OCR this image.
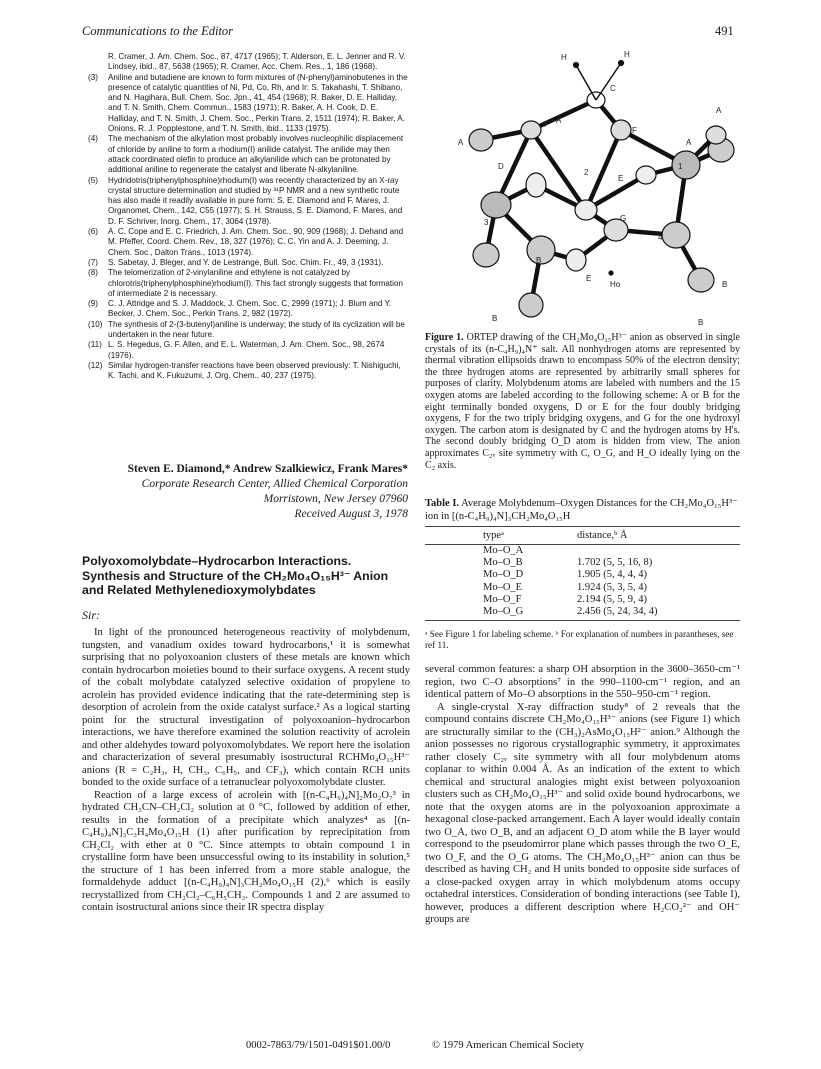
Communications to the Editor	491

R. Cramer, J. Am. Chem. Soc., 87, 4717 (1965); T. Alderson, E. L. Jenner and R. V. Lindsey, ibid., 87, 5638 (1965); R. Cramer, Acc. Chem. Res., 1, 186 (1968).

(3) Aniline and butadiene are known to form mixtures of (N-phenyl)aminobutenes in the presence of catalytic quantities of Ni, Pd, Co, Rh, and Ir: S. Takahashi, T. Shibano, and N. Hagihara, Bull. Chem. Soc. Jpn., 41, 454 (1968); R. Baker, D. E. Halliday, and T. N. Smith, Chem. Commun., 1583 (1971); R. Baker, A. H. Cook, D. E. Halliday, and T. N. Smith, J. Chem. Soc., Perkin Trans. 2, 1511 (1974); R. Baker, A. Onions, R. J. Popplestone, and T. N. Smith, ibid., 1133 (1975).

(4) The mechanism of the alkylation most probably involves nucleophilic displacement of chloride by aniline to form a rhodium(I) anilide catalyst. The anilide may then attack coordinated olefin to produce an alkylanilide which can be protonated by additional aniline to regenerate the catalyst and liberate N-alkylaniline.

(5) Hydridotris(triphenylphosphine)rhodium(I) was recently characterized by an X-ray crystal structure determination and studied by ³¹P NMR and a new synthetic route has also made it readily available in pure form: S. E. Diamond and F. Mares, J. Organomet. Chem., 142, C55 (1977); S. H. Strauss, S. E. Diamond, F. Mares, and D. F. Schriver, Inorg. Chem., 17, 3064 (1978).

(6) A. C. Cope and E. C. Friedrich, J. Am. Chem. Soc., 90, 909 (1968); J. Dehand and M. Pfeffer, Coord. Chem. Rev., 18, 327 (1976); C. C. Yin and A. J. Deeming, J. Chem. Soc., Dalton Trans., 1013 (1974).

(7) S. Sabetay, J. Bleger, and Y. de Lestrange, Bull. Soc. Chim. Fr., 49, 3 (1931).

(8) The telomerization of 2-vinylaniline and ethylene is not catalyzed by chlorotris(triphenylphosphine)rhodium(I). This fact strongly suggests that formation of intermediate 2 is necessary.

(9) C. J. Attridge and S. J. Maddock, J. Chem. Soc. C, 2999 (1971); J. Blum and Y. Becker, J. Chem. Soc., Perkin Trans. 2, 982 (1972).

(10) The synthesis of 2-(3-butenyl)aniline is underway; the study of its cyclization will be undertaken in the near future.

(11) L. S. Hegedus, G. F. Allen, and E. L. Waterman, J. Am. Chem. Soc., 98, 2674 (1976).

(12) Similar hydrogen-transfer reactions have been observed previously: T. Nishiguchi, K. Tachi, and K. Fukuzumi, J. Org. Chem., 40, 237 (1975).

Steven E. Diamond,* Andrew Szalkiewicz, Frank Mares*
Corporate Research Center, Allied Chemical Corporation
Morristown, New Jersey 07960
Received August 3, 1978
Polyoxomolybdate–Hydrocarbon Interactions. Synthesis and Structure of the CH₂Mo₄O₁₅H³⁻ Anion and Related Methylenedioxymolybdates
Sir:

In light of the pronounced heterogeneous reactivity of molybdenum, tungsten, and vanadium oxides toward hydrocarbons,¹ it is somewhat surprising that no polyoxoanion clusters of these metals are known which contain hydrocarbon moieties bound to their surface oxygens. A recent study of the cobalt molybdate catalyzed selective oxidation of propylene to acrolein has provided evidence indicating that the rate-determining step is desorption of acrolein from the oxide catalyst surface.² As a logical starting point for the structural investigation of polyoxoanion–hydrocarbon interactions, we have therefore examined the solution reactivity of acrolein and other aldehydes toward polyoxomolybdates. We report here the isolation and characterization of several presumably isostructural RCHMo₄O₁₅H³⁻ anions (R = C₂H₃, H, CH₃, C₆H₅, and CF₃), which contain RCH units bonded to the oxide surface of a tetranuclear polyoxomolybdate cluster.

Reaction of a large excess of acrolein with [(n-C₄H₉)₄N]₂Mo₂O₇³ in hydrated CH₃CN–CH₂Cl₂ solution at 0 °C, followed by addition of ether, results in the formation of a precipitate which analyzes⁴ as [(n-C₄H₉)₄N]₃C₃H₄Mo₄O₁₅H (1) after purification by reprecipitation from CH₂Cl₂ with ether at 0 °C. Since attempts to obtain compound 1 in crystalline form have been unsuccessful owing to its instability in solution,⁵ the structure of 1 has been inferred from a more stable analogue, the formaldehyde adduct [(n-C₄H₉)₄N]₃CH₂Mo₄O₁₅H (2),⁶ which is easily recrystallized from CH₂Cl₂–C₆H₅CH₃. Compounds 1 and 2 are assumed to contain isostructural anions since their IR spectra display

H	H
C
A
A
F
F
A
A
D	1
2
E
3	G
4
B
E
Ho	B
B	B
Figure 1. ORTEP drawing of the CH₂Mo₄O₁₅H³⁻ anion as observed in single crystals of its (n-C₄H₉)₄N⁺ salt. All nonhydrogen atoms are represented by thermal vibration ellipsoids drawn to encompass 50% of the electron density; the three hydrogen atoms are represented by arbitrarily small spheres for purposes of clarity. Molybdenum atoms are labeled with numbers and the 15 oxygen atoms are labeled according to the following scheme: A or B for the eight terminally bonded oxygens, D or E for the four doubly bridging oxygens, F for the two triply bridging oxygens, and G for the one hydroxyl oxygen. The carbon atom is designated by C and the hydrogen atoms by H's. The second doubly bridging O_D atom is hidden from view. The anion approximates C₂ᵥ site symmetry with C, O_G, and H_O ideally lying on the C₂ axis.
Table I. Average Molybdenum–Oxygen Distances for the CH₂Mo₄O₁₅H³⁻ ion in [(n-C₄H₉)₄N]₃CH₂Mo₄O₁₅H
typeᵃ	distance,ᵇ Å
Mo–O_A
Mo–O_B	1.702 (5, 5, 16, 8)
Mo–O_D	1.905 (5, 4, 4, 4)
Mo–O_E	1.924 (5, 3, 5, 4)
Mo–O_F	2.194 (5, 5, 9, 4)
Mo–O_G	2.456 (5, 24, 34, 4)
ᵃ See Figure 1 for labeling scheme. ᵇ For explanation of numbers in parantheses, see ref 11.

several common features: a sharp OH absorption in the 3600–3650-cm⁻¹ region, two C–O absorptions⁷ in the 990–1100-cm⁻¹ region, and an identical pattern of Mo–O absorptions in the 550–950-cm⁻¹ region.

A single-crystal X-ray diffraction study⁸ of 2 reveals that the compound contains discrete CH₂Mo₄O₁₅H³⁻ anions (see Figure 1) which are structurally similar to the (CH₃)₂AsMo₄O₁₅H²⁻ anion.⁹ Although the anion possesses no rigorous crystallographic symmetry, it approximates rather closely C₂ᵥ site symmetry with all four molybdenum atoms coplanar to within 0.004 Å. As an indication of the extent to which chemical and structural analogies might exist between polyoxoanion clusters such as CH₂Mo₄O₁₅H³⁻ and solid oxide bound hydrocarbons, we note that the oxygen atoms are in the polyoxoanion approximate a hexagonal close-packed arrangement. Each A layer would ideally contain two O_A, two O_B, and an adjacent O_D atom while the B layer would correspond to the pseudomirror plane which passes through the two O_E, two O_F, and the O_G atoms. The CH₂Mo₄O₁₅H³⁻ anion can thus be described as having CH₂ and H units bonded to opposite side surfaces of a close-packed oxygen array in which molybdenum atoms occupy octahedral interstices. Consideration of bonding interactions (see Table I), however, produces a different description where H₂CO₂²⁻ and OH⁻ groups are

0002-7863/79/1501-0491$01.00/0	© 1979 American Chemical Society
